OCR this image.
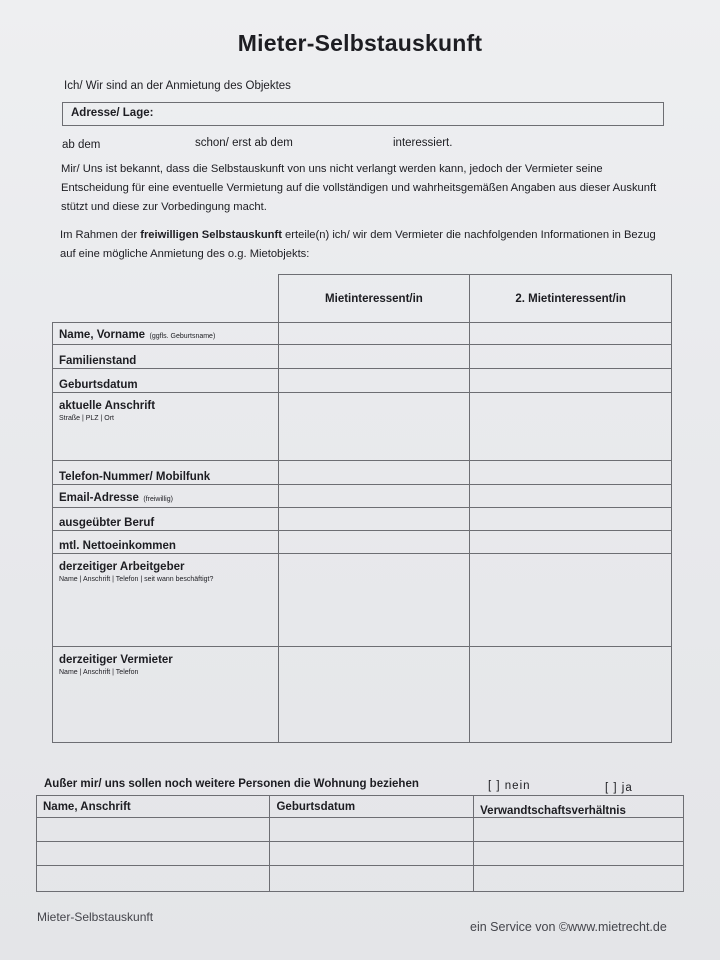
Mieter-Selbstauskunft
Ich/ Wir sind an der Anmietung des Objektes
Adresse/ Lage:
ab dem	schon/ erst ab dem	interessiert.
Mir/ Uns ist bekannt, dass die Selbstauskunft von uns nicht verlangt werden kann, jedoch der Vermieter seine Entscheidung für eine eventuelle Vermietung auf die vollständigen und wahrheitsgemäßen Angaben aus dieser Auskunft stützt und diese zur Vorbedingung macht.
Im Rahmen der freiwilligen Selbstauskunft erteile(n) ich/ wir dem Vermieter die nachfolgenden Informationen in Bezug auf eine mögliche Anmietung des o.g. Mietobjekts:
	Mietinteressent/in	2. Mietinteressent/in
Name, Vorname (ggfls. Geburtsname)		
Familienstand		
Geburtsdatum		
aktuelle Anschrift
Straße | PLZ | Ort		

Telefon-Nummer/ Mobilfunk		
Email-Adresse (freiwillig)		
ausgeübter Beruf		
mtl. Nettoeinkommen		
derzeitiger Arbeitgeber
Name | Anschrift | Telefon | seit wann beschäftigt?		

derzeitiger Vermieter
Name | Anschrift | Telefon		

Außer mir/ uns sollen noch weitere Personen die Wohnung beziehen	[ ] nein	[ ] ja
Name, Anschrift	Geburtsdatum	Verwandtschaftsverhältnis

Mieter-Selbstauskunft
ein Service von ©www.mietrecht.de
